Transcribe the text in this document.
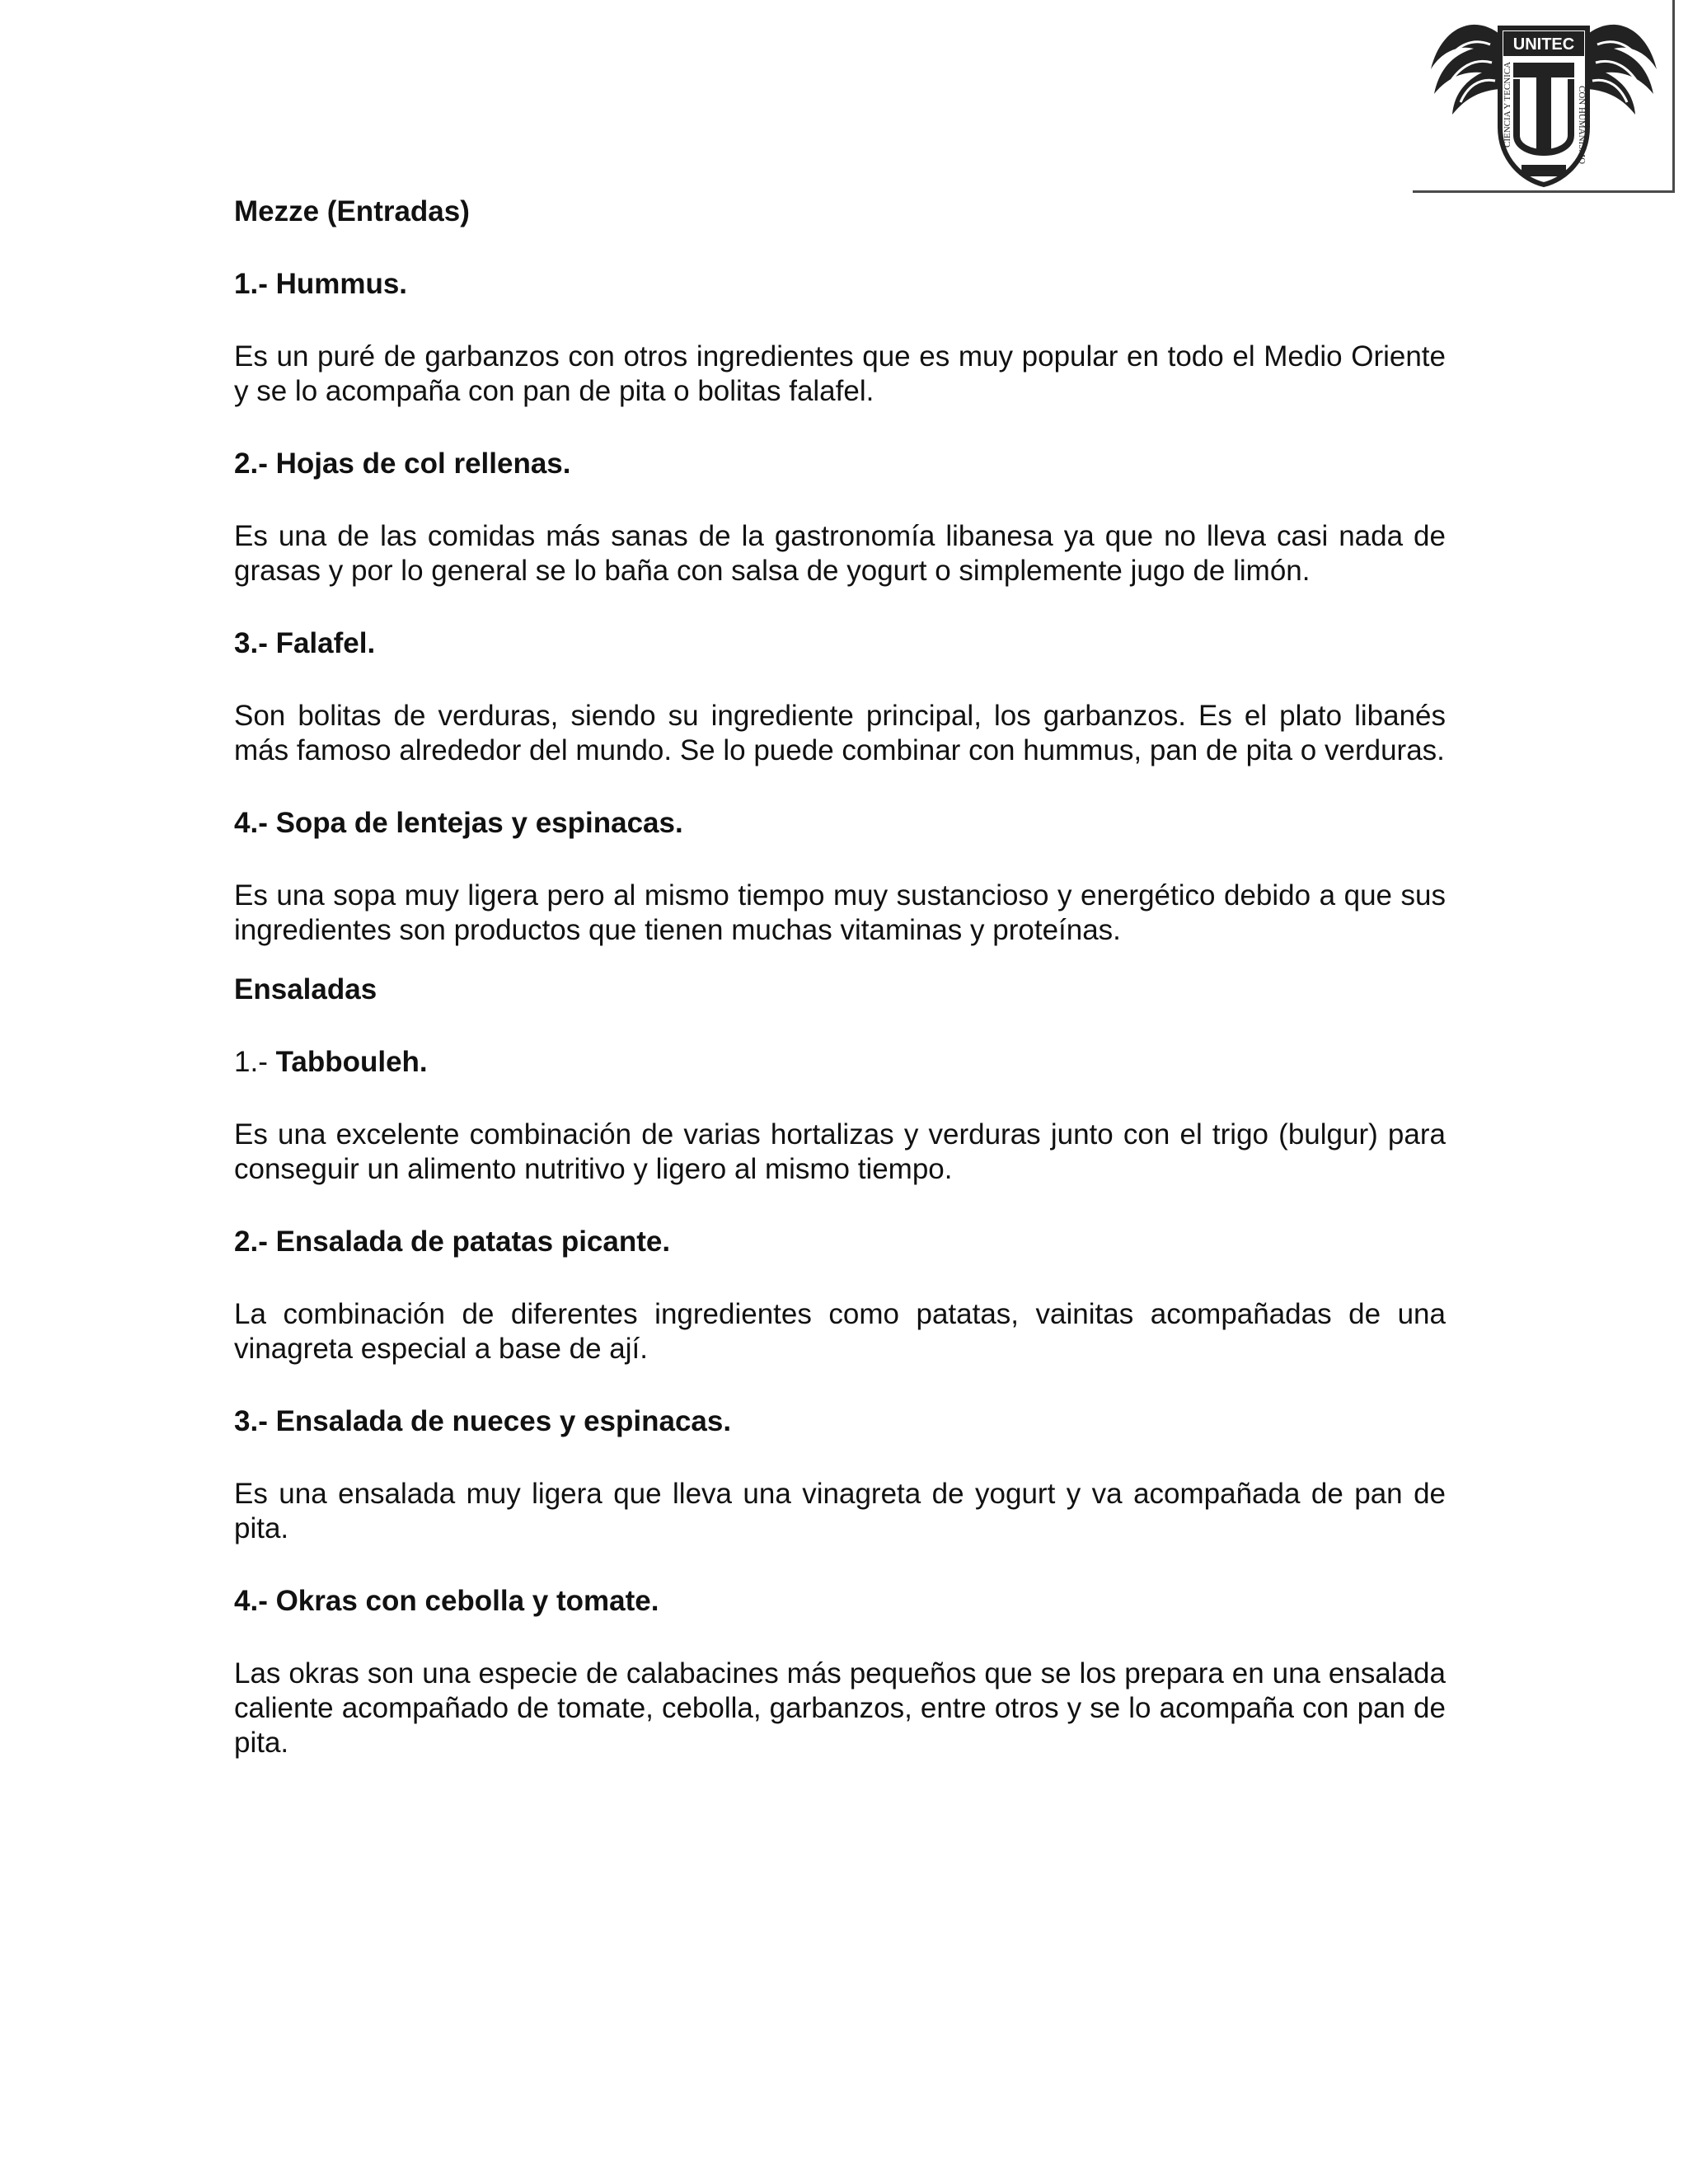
UNITEC
CIENCIA Y TECNICA	CON HUMANISMO

Mezze (Entradas)

1.- Hummus.

Es un puré de garbanzos con otros ingredientes que es muy popular en todo el Medio Oriente y se lo acompaña con pan de pita o bolitas falafel.

2.- Hojas de col rellenas.

Es una de las comidas más sanas de la gastronomía libanesa ya que no lleva casi nada de grasas y por lo general se lo baña con salsa de yogurt o simplemente jugo de limón.

3.- Falafel.

Son bolitas de verduras, siendo su ingrediente principal, los garbanzos. Es el plato libanés más famoso alrededor del mundo. Se lo puede combinar con hummus, pan de pita o verduras.

4.- Sopa de lentejas y espinacas.

Es una sopa muy ligera pero al mismo tiempo muy sustancioso y energético debido a que sus ingredientes son productos que tienen muchas vitaminas y proteínas.

Ensaladas

1.- Tabbouleh.

Es una excelente combinación de varias hortalizas y verduras junto con el trigo (bulgur) para conseguir un alimento nutritivo y ligero al mismo tiempo.

2.- Ensalada de patatas picante.

La combinación de diferentes ingredientes como patatas, vainitas acompañadas de una vinagreta especial a base de ají.

3.- Ensalada de nueces y espinacas.

Es una ensalada muy ligera que lleva una vinagreta de yogurt y va acompañada de pan de pita.

4.- Okras con cebolla y tomate.

Las okras son una especie de calabacines más pequeños que se los prepara en una ensalada caliente acompañado de tomate, cebolla, garbanzos, entre otros y se lo acompaña con pan de pita.
